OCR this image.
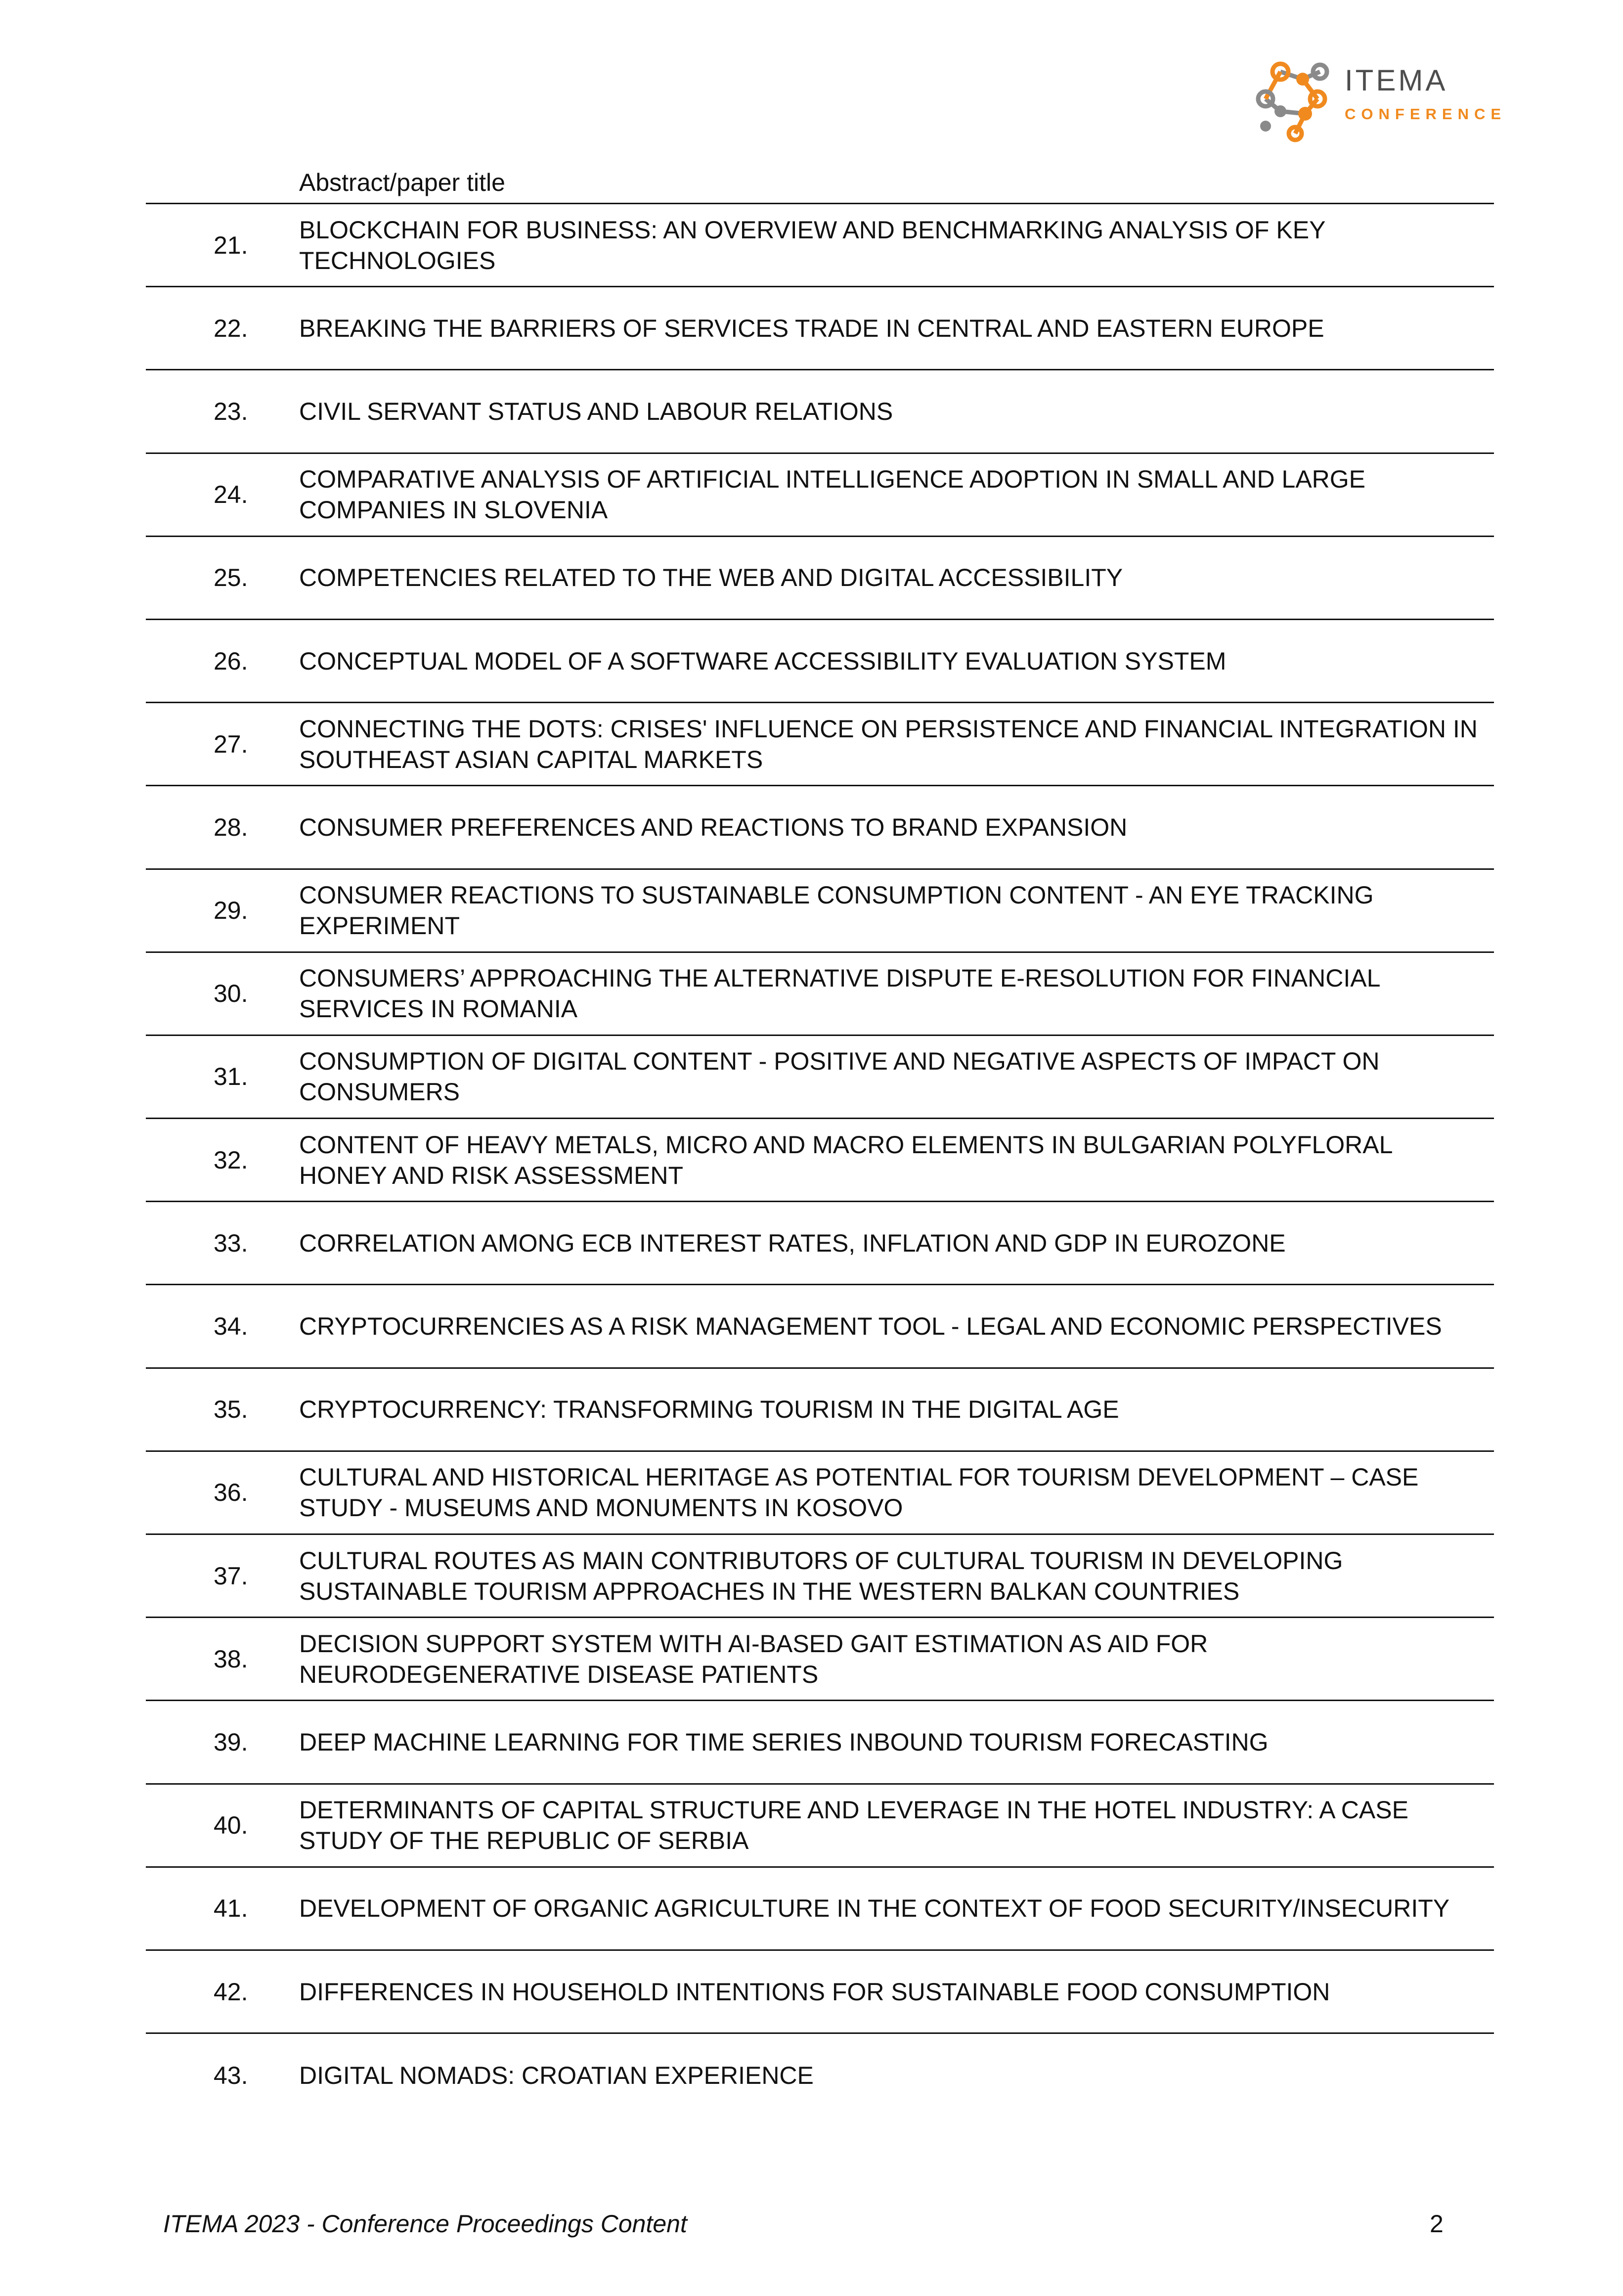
ITEMA
CONFERENCE
Abstract/paper title
21.
BLOCKCHAIN FOR BUSINESS: AN OVERVIEW AND BENCHMARKING ANALYSIS OF KEY TECHNOLOGIES
22. BREAKING THE BARRIERS OF SERVICES TRADE IN CENTRAL AND EASTERN EUROPE
23. CIVIL SERVANT STATUS AND LABOUR RELATIONS
24.
COMPARATIVE ANALYSIS OF ARTIFICIAL INTELLIGENCE ADOPTION IN SMALL AND LARGE COMPANIES IN SLOVENIA
25. COMPETENCIES RELATED TO THE WEB AND DIGITAL ACCESSIBILITY
26. CONCEPTUAL MODEL OF A SOFTWARE ACCESSIBILITY EVALUATION SYSTEM
27.
CONNECTING THE DOTS: CRISES' INFLUENCE ON PERSISTENCE AND FINANCIAL INTEGRATION IN SOUTHEAST ASIAN CAPITAL MARKETS
28. CONSUMER PREFERENCES AND REACTIONS TO BRAND EXPANSION
29.
CONSUMER REACTIONS TO SUSTAINABLE CONSUMPTION CONTENT - AN EYE TRACKING EXPERIMENT
30.
CONSUMERS’ APPROACHING THE ALTERNATIVE DISPUTE E-RESOLUTION FOR FINANCIAL SERVICES IN ROMANIA
31.
CONSUMPTION OF DIGITAL CONTENT - POSITIVE AND NEGATIVE ASPECTS OF IMPACT ON CONSUMERS
32.
CONTENT OF HEAVY METALS, MICRO AND MACRO ELEMENTS IN BULGARIAN POLYFLORAL HONEY AND RISK ASSESSMENT
33. CORRELATION AMONG ECB INTEREST RATES, INFLATION AND GDP IN EUROZONE
34. CRYPTOCURRENCIES AS A RISK MANAGEMENT TOOL - LEGAL AND ECONOMIC PERSPECTIVES
35. CRYPTOCURRENCY: TRANSFORMING TOURISM IN THE DIGITAL AGE
36.
CULTURAL AND HISTORICAL HERITAGE AS POTENTIAL FOR TOURISM DEVELOPMENT – CASE STUDY - MUSEUMS AND MONUMENTS IN KOSOVO
37.
CULTURAL ROUTES AS MAIN CONTRIBUTORS OF CULTURAL TOURISM IN DEVELOPING SUSTAINABLE TOURISM APPROACHES IN THE WESTERN BALKAN COUNTRIES
38.
DECISION SUPPORT SYSTEM WITH AI-BASED GAIT ESTIMATION AS AID FOR NEURODEGENERATIVE DISEASE PATIENTS
39. DEEP MACHINE LEARNING FOR TIME SERIES INBOUND TOURISM FORECASTING
40.
DETERMINANTS OF CAPITAL STRUCTURE AND LEVERAGE IN THE HOTEL INDUSTRY: A CASE STUDY OF THE REPUBLIC OF SERBIA
41. DEVELOPMENT OF ORGANIC AGRICULTURE IN THE CONTEXT OF FOOD SECURITY/INSECURITY
42. DIFFERENCES IN HOUSEHOLD INTENTIONS FOR SUSTAINABLE FOOD CONSUMPTION
43. DIGITAL NOMADS: CROATIAN EXPERIENCE
ITEMA 2023 - Conference Proceedings Content	2
